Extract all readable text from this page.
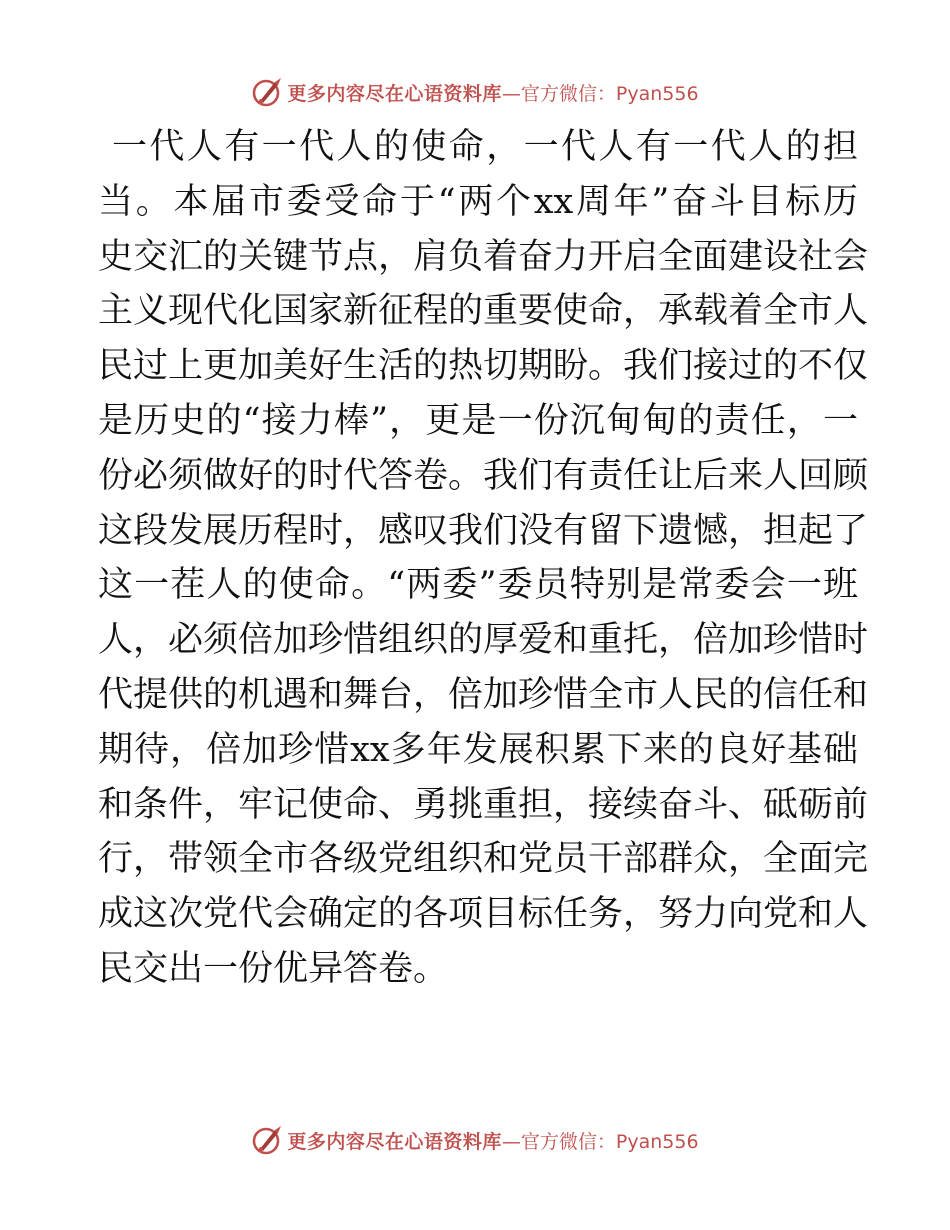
更多内容尽在心语资料库 —官方微信：Pyan556
一代人有一代人的使命，一代人有一代人的担
当。本届市委受命于“两个xx周年”奋斗目标历
史交汇的关键节点，肩负着奋力开启全面建设社会
主义现代化国家新征程的重要使命，承载着全市人
民过上更加美好生活的热切期盼。我们接过的不仅
是历史的“接力棒”，更是一份沉甸甸的责任，一
份必须做好的时代答卷。我们有责任让后来人回顾
这段发展历程时，感叹我们没有留下遗憾，担起了
这一茬人的使命。“两委”委员特别是常委会一班
人，必须倍加珍惜组织的厚爱和重托，倍加珍惜时
代提供的机遇和舞台，倍加珍惜全市人民的信任和
期待，倍加珍惜xx多年发展积累下来的良好基础
和条件，牢记使命、勇挑重担，接续奋斗、砥砺前
行，带领全市各级党组织和党员干部群众，全面完
成这次党代会确定的各项目标任务，努力向党和人
民交出一份优异答卷。
更多内容尽在心语资料库 —官方微信：Pyan556
